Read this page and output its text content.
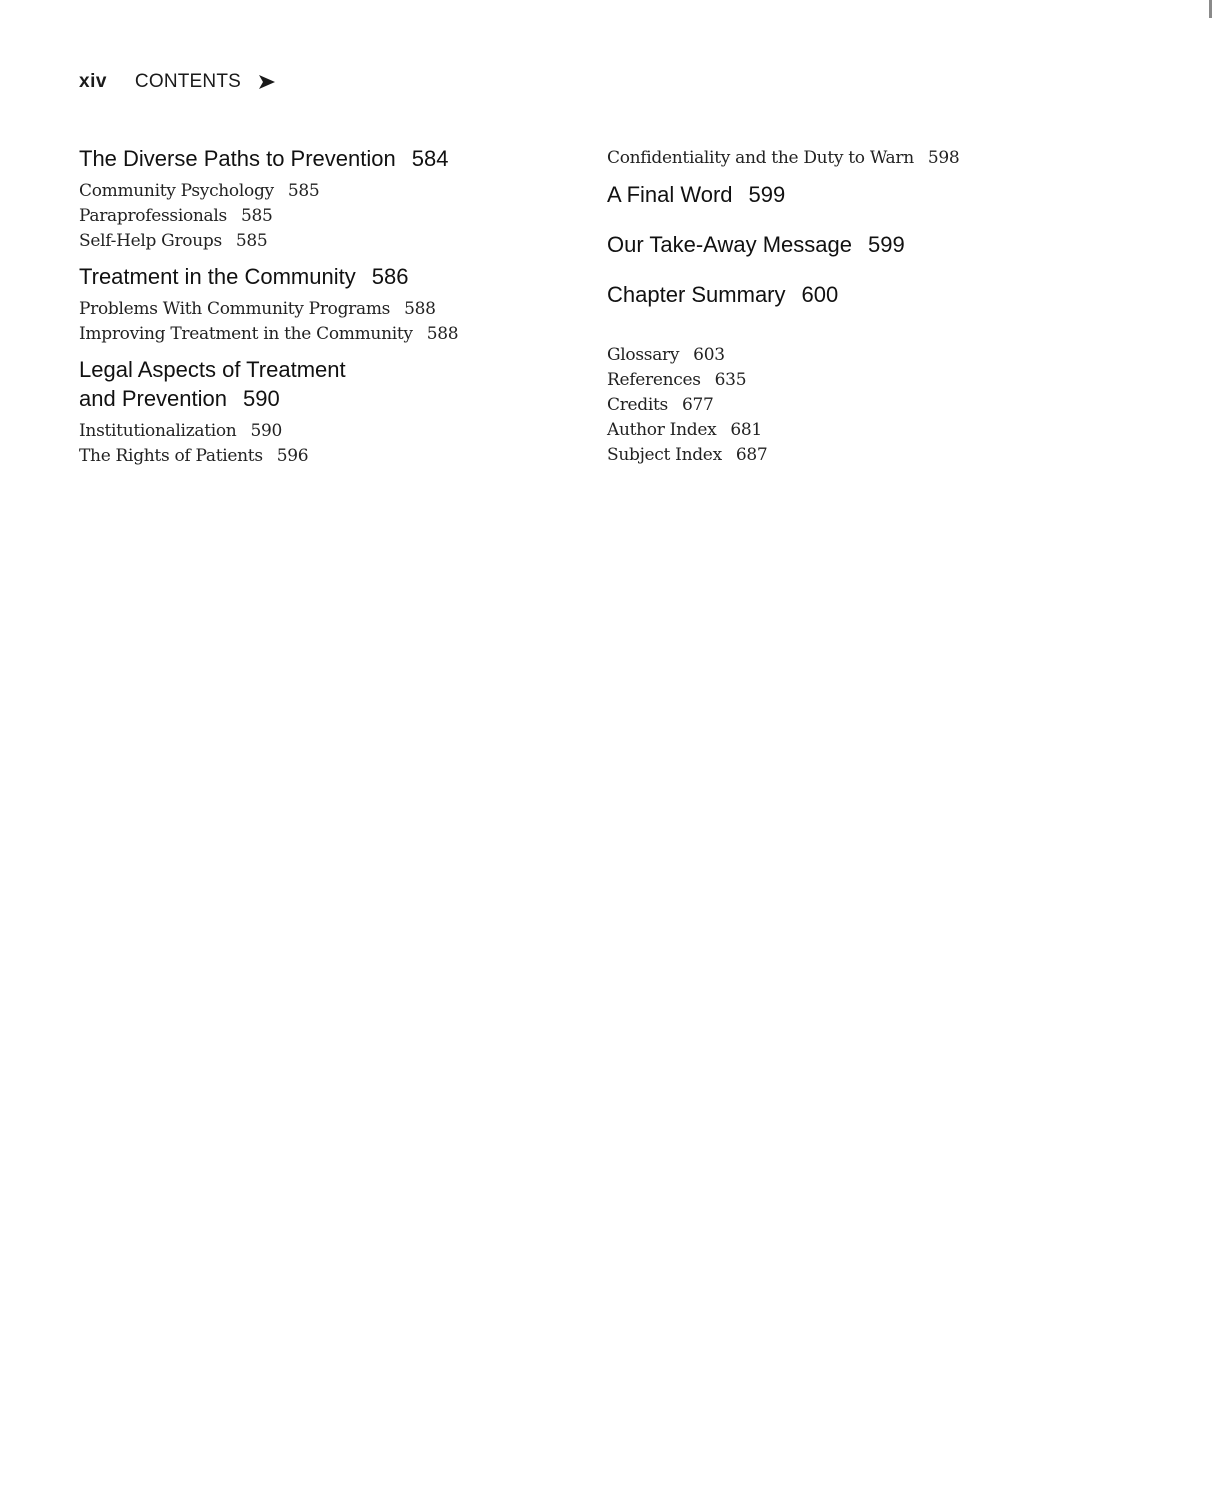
xiv CONTENTS
The Diverse Paths to Prevention 584
Community Psychology 585
Paraprofessionals 585
Self-Help Groups 585
Treatment in the Community 586
Problems With Community Programs 588
Improving Treatment in the Community 588
Legal Aspects of Treatment
and Prevention 590
Institutionalization 590
The Rights of Patients 596
Confidentiality and the Duty to Warn 598
A Final Word 599
Our Take-Away Message 599
Chapter Summary 600
Glossary 603
References 635
Credits 677
Author Index 681
Subject Index 687
